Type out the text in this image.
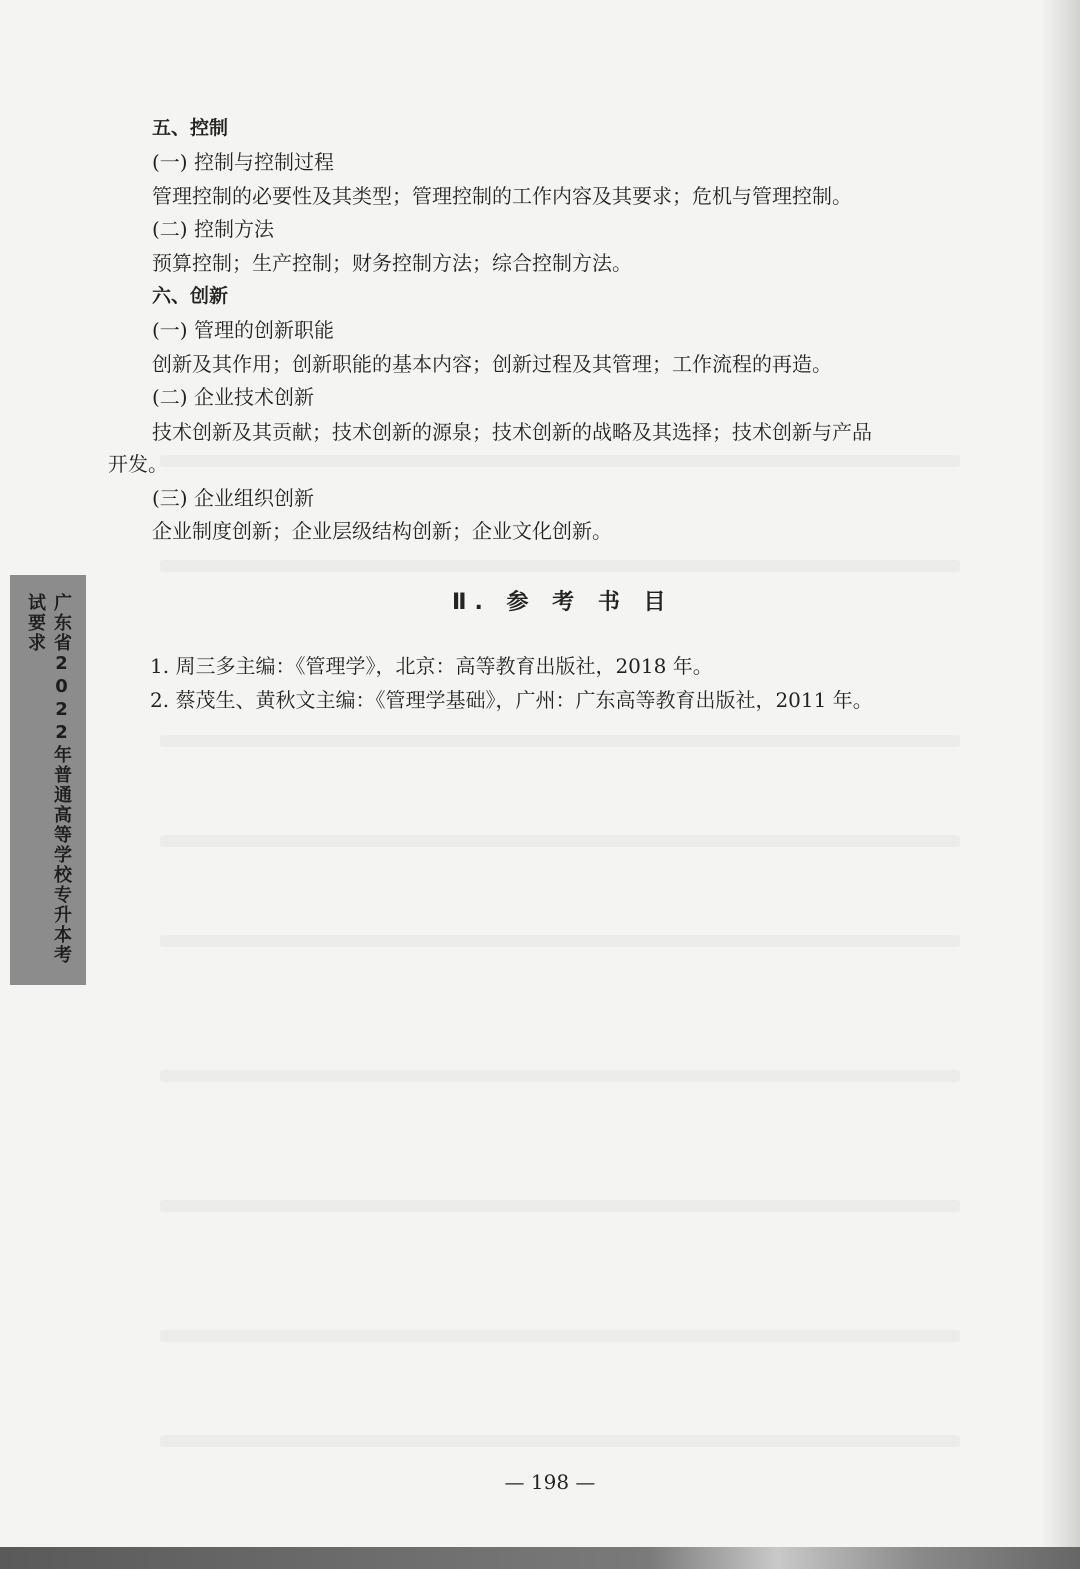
广东省2022年普通高等学校专升本考试要求
五、控制
(一) 控制与控制过程
管理控制的必要性及其类型；管理控制的工作内容及其要求；危机与管理控制。
(二) 控制方法
预算控制；生产控制；财务控制方法；综合控制方法。
六、创新
(一) 管理的创新职能
创新及其作用；创新职能的基本内容；创新过程及其管理；工作流程的再造。
(二) 企业技术创新
技术创新及其贡献；技术创新的源泉；技术创新的战略及其选择；技术创新与产品
开发。
(三) 企业组织创新
企业制度创新；企业层级结构创新；企业文化创新。
Ⅱ. 参 考 书 目
1. 周三多主编：《管理学》，北京：高等教育出版社，2018 年。
2. 蔡茂生、黄秋文主编：《管理学基础》，广州：广东高等教育出版社，2011 年。
— 198 —
